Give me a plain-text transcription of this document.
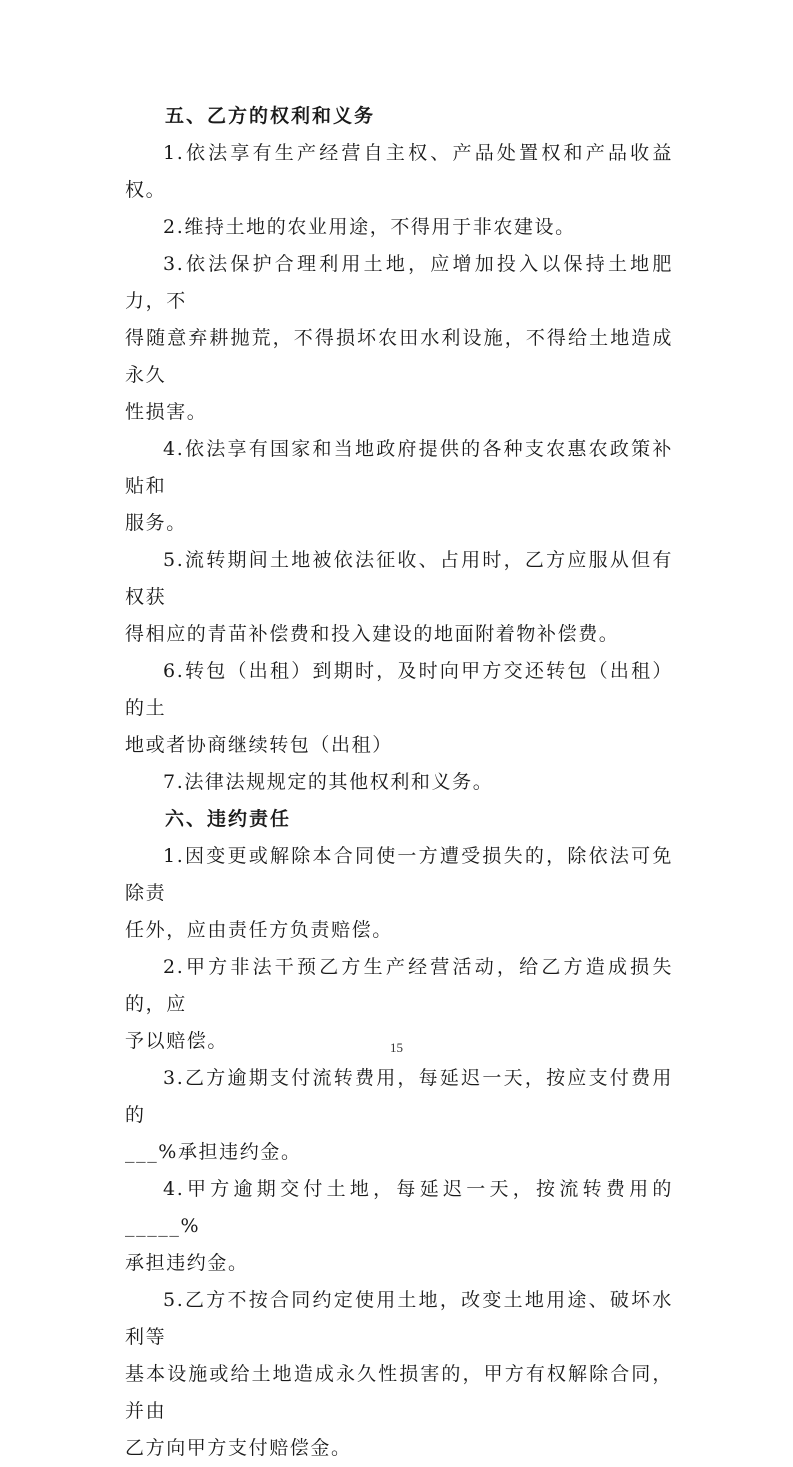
五、乙方的权利和义务

1.依法享有生产经营自主权、产品处置权和产品收益权。

2.维持土地的农业用途，不得用于非农建设。

3.依法保护合理利用土地，应增加投入以保持土地肥力，不
得随意弃耕抛荒，不得损坏农田水利设施，不得给土地造成永久
性损害。

4.依法享有国家和当地政府提供的各种支农惠农政策补贴和
服务。

5.流转期间土地被依法征收、占用时，乙方应服从但有权获
得相应的青苗补偿费和投入建设的地面附着物补偿费。

6.转包（出租）到期时，及时向甲方交还转包（出租）的土
地或者协商继续转包（出租）

7.法律法规规定的其他权利和义务。

六、违约责任

1.因变更或解除本合同使一方遭受损失的，除依法可免除责
任外，应由责任方负责赔偿。

2.甲方非法干预乙方生产经营活动，给乙方造成损失的，应
予以赔偿。

3.乙方逾期支付流转费用，每延迟一天，按应支付费用的
___%承担违约金。

4.甲方逾期交付土地，每延迟一天，按流转费用的_____%
承担违约金。

5.乙方不按合同约定使用土地，改变土地用途、破坏水利等
基本设施或给土地造成永久性损害的，甲方有权解除合同，并由
乙方向甲方支付赔偿金。

15
